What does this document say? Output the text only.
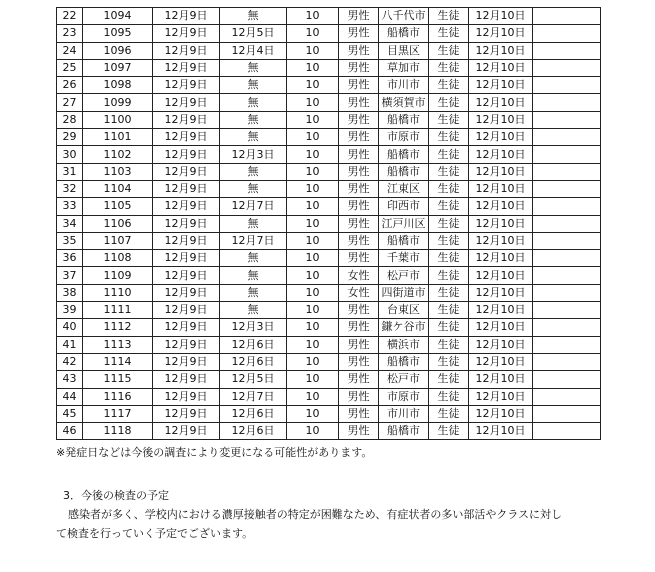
22	1094	12月9日	無	10	男性	八千代市	生徒	12月10日	
23	1095	12月9日	12月5日	10	男性	船橋市	生徒	12月10日	
24	1096	12月9日	12月4日	10	男性	目黒区	生徒	12月10日	
25	1097	12月9日	無	10	男性	草加市	生徒	12月10日	
26	1098	12月9日	無	10	男性	市川市	生徒	12月10日	
27	1099	12月9日	無	10	男性	横須賀市	生徒	12月10日	
28	1100	12月9日	無	10	男性	船橋市	生徒	12月10日	
29	1101	12月9日	無	10	男性	市原市	生徒	12月10日	
30	1102	12月9日	12月3日	10	男性	船橋市	生徒	12月10日	
31	1103	12月9日	無	10	男性	船橋市	生徒	12月10日	
32	1104	12月9日	無	10	男性	江東区	生徒	12月10日	
33	1105	12月9日	12月7日	10	男性	印西市	生徒	12月10日	
34	1106	12月9日	無	10	男性	江戸川区	生徒	12月10日	
35	1107	12月9日	12月7日	10	男性	船橋市	生徒	12月10日	
36	1108	12月9日	無	10	男性	千葉市	生徒	12月10日	
37	1109	12月9日	無	10	女性	松戸市	生徒	12月10日	
38	1110	12月9日	無	10	女性	四街道市	生徒	12月10日	
39	1111	12月9日	無	10	男性	台東区	生徒	12月10日	
40	1112	12月9日	12月3日	10	男性	鎌ケ谷市	生徒	12月10日	
41	1113	12月9日	12月6日	10	男性	横浜市	生徒	12月10日	
42	1114	12月9日	12月6日	10	男性	船橋市	生徒	12月10日	
43	1115	12月9日	12月5日	10	男性	松戸市	生徒	12月10日	
44	1116	12月9日	12月7日	10	男性	市原市	生徒	12月10日	
45	1117	12月9日	12月6日	10	男性	市川市	生徒	12月10日	
46	1118	12月9日	12月6日	10	男性	船橋市	生徒	12月10日	
※発症日などは今後の調査により変更になる可能性があります。
3．今後の検査の予定
感染者が多く、学校内における濃厚接触者の特定が困難なため、有症状者の多い部活やクラスに対し
て検査を行っていく予定でございます。
